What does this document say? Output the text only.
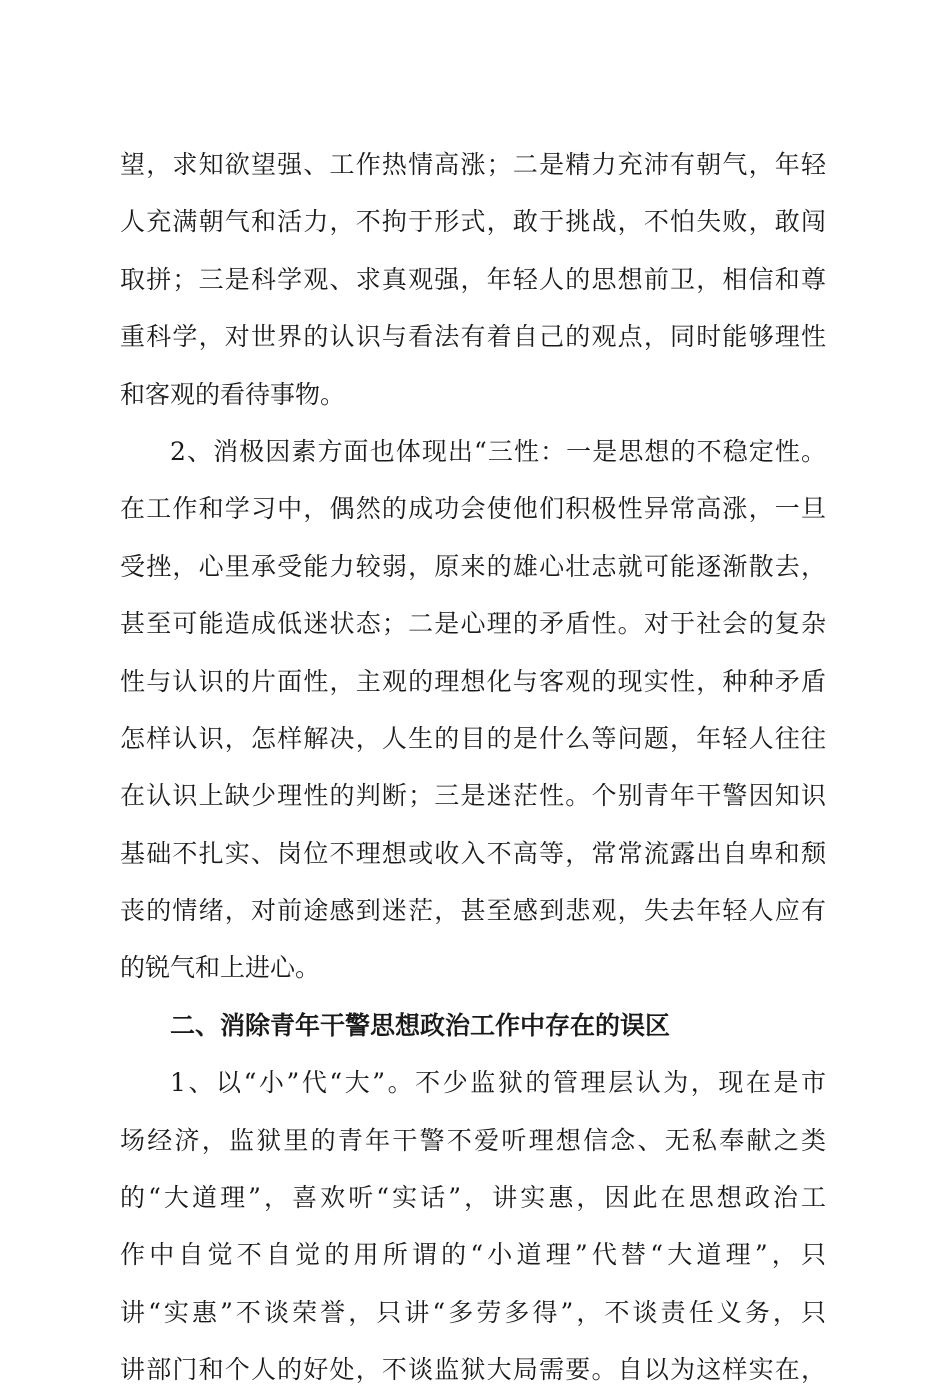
望，求知欲望强、工作热情高涨；二是精力充沛有朝气，年轻
人充满朝气和活力，不拘于形式，敢于挑战，不怕失败，敢闯
取拼；三是科学观、求真观强，年轻人的思想前卫，相信和尊
重科学，对世界的认识与看法有着自己的观点，同时能够理性
和客观的看待事物。
2、消极因素方面也体现出“三性：一是思想的不稳定性。
在工作和学习中，偶然的成功会使他们积极性异常高涨，一旦
受挫，心里承受能力较弱，原来的雄心壮志就可能逐渐散去，
甚至可能造成低迷状态；二是心理的矛盾性。对于社会的复杂
性与认识的片面性，主观的理想化与客观的现实性，种种矛盾
怎样认识，怎样解决，人生的目的是什么等问题，年轻人往往
在认识上缺少理性的判断；三是迷茫性。个别青年干警因知识
基础不扎实、岗位不理想或收入不高等，常常流露出自卑和颓
丧的情绪，对前途感到迷茫，甚至感到悲观，失去年轻人应有
的锐气和上进心。
二、消除青年干警思想政治工作中存在的误区
1、以“小”代“大”。不少监狱的管理层认为，现在是市
场经济，监狱里的青年干警不爱听理想信念、无私奉献之类
的“大道理”，喜欢听“实话”，讲实惠，因此在思想政治工
作中自觉不自觉的用所谓的“小道理”代替“大道理”，只
讲“实惠”不谈荣誉，只讲“多劳多得”，不谈责任义务，只
讲部门和个人的好处，不谈监狱大局需要。自以为这样实在，
